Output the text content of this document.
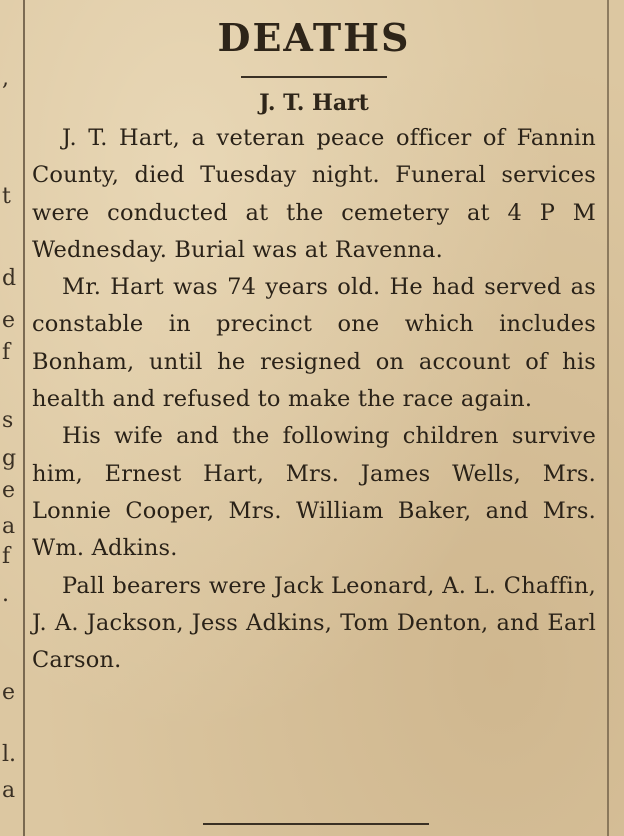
,
t
d
e
f
s
g
e
a
f
.
e
l.
a
DEATHS
J. T. Hart

J. T. Hart, a veteran peace officer of Fannin County, died Tuesday night. Funeral services were conducted at the cemetery at 4 P M Wednesday. Burial was at Ravenna.

Mr. Hart was 74 years old. He had served as constable in precinct one which includes Bonham, until he resigned on account of his health and refused to make the race again.

His wife and the following children survive him, Ernest Hart, Mrs. James Wells, Mrs. Lonnie Cooper, Mrs. William Baker, and Mrs. Wm. Adkins.

Pall bearers were Jack Leonard, A. L. Chaffin, J. A. Jackson, Jess Adkins, Tom Denton, and Earl Carson.
